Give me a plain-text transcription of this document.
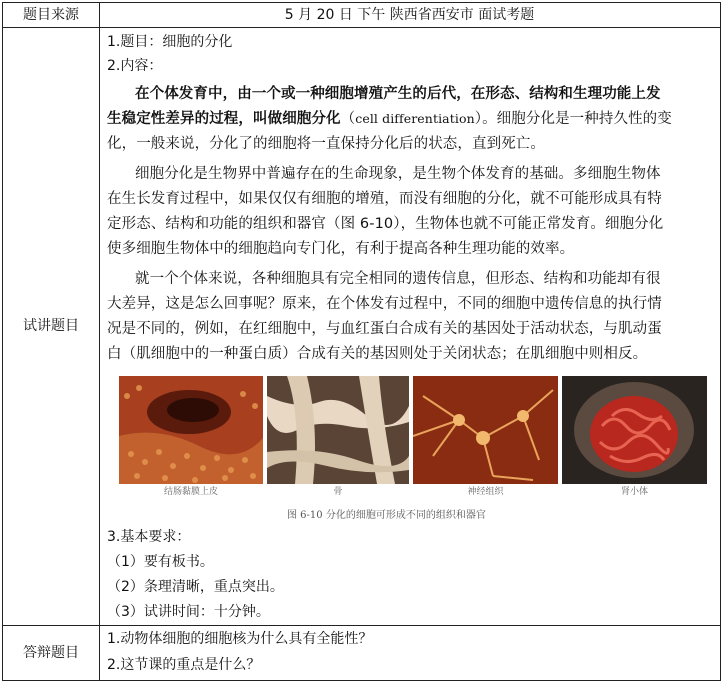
题目来源	5 月 20 日 下午 陕西省西安市 面试考题
试讲题目
1.题目：细胞的分化
2.内容：
在个体发育中，由一个或一种细胞增殖产生的后代，在形态、结构和生理功能上发
生稳定性差异的过程，叫做细胞分化（cell differentiation）。细胞分化是一种持久性的变
化，一般来说，分化了的细胞将一直保持分化后的状态，直到死亡。
细胞分化是生物界中普遍存在的生命现象，是生物个体发育的基础。多细胞生物体
在生长发育过程中，如果仅仅有细胞的增殖，而没有细胞的分化，就不可能形成具有特
定形态、结构和功能的组织和器官（图 6-10），生物体也就不可能正常发育。细胞分化
使多细胞生物体中的细胞趋向专门化，有利于提高各种生理功能的效率。
就一个个体来说，各种细胞具有完全相同的遗传信息，但形态、结构和功能却有很
大差异，这是怎么回事呢？原来，在个体发有过程中，不同的细胞中遗传信息的执行情
况是不同的，例如，在红细胞中，与血红蛋白合成有关的基因处于活动状态，与肌动蛋
白（肌细胞中的一种蛋白质）合成有关的基因则处于关闭状态；在肌细胞中则相反。
结肠黏膜上皮	骨	神经组织	肾小体
图 6-10 分化的细胞可形成不同的组织和器官
3.基本要求：
（1）要有板书。
（2）条理清晰，重点突出。
（3）试讲时间：十分钟。
答辩题目
1.动物体细胞的细胞核为什么具有全能性？
2.这节课的重点是什么？
